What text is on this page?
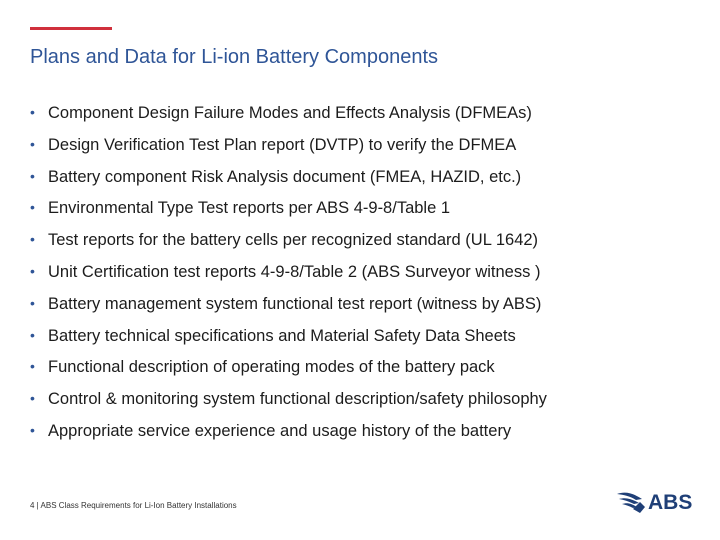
Plans and Data for Li-ion Battery Components
• Component Design Failure Modes and Effects Analysis (DFMEAs)
• Design Verification Test Plan report (DVTP) to verify the DFMEA
• Battery component Risk Analysis document (FMEA, HAZID, etc.)
• Environmental Type Test reports per ABS 4-9-8/Table 1
• Test reports for the battery cells per recognized standard (UL 1642)
• Unit Certification test reports 4-9-8/Table 2 (ABS Surveyor witness )
• Battery management system functional test report (witness by ABS)
• Battery technical specifications and Material Safety Data Sheets
• Functional description of operating modes of the battery pack
• Control & monitoring system functional description/safety philosophy
• Appropriate service experience and usage history of the battery
4 | ABS Class Requirements for Li-Ion Battery Installations	ABS
